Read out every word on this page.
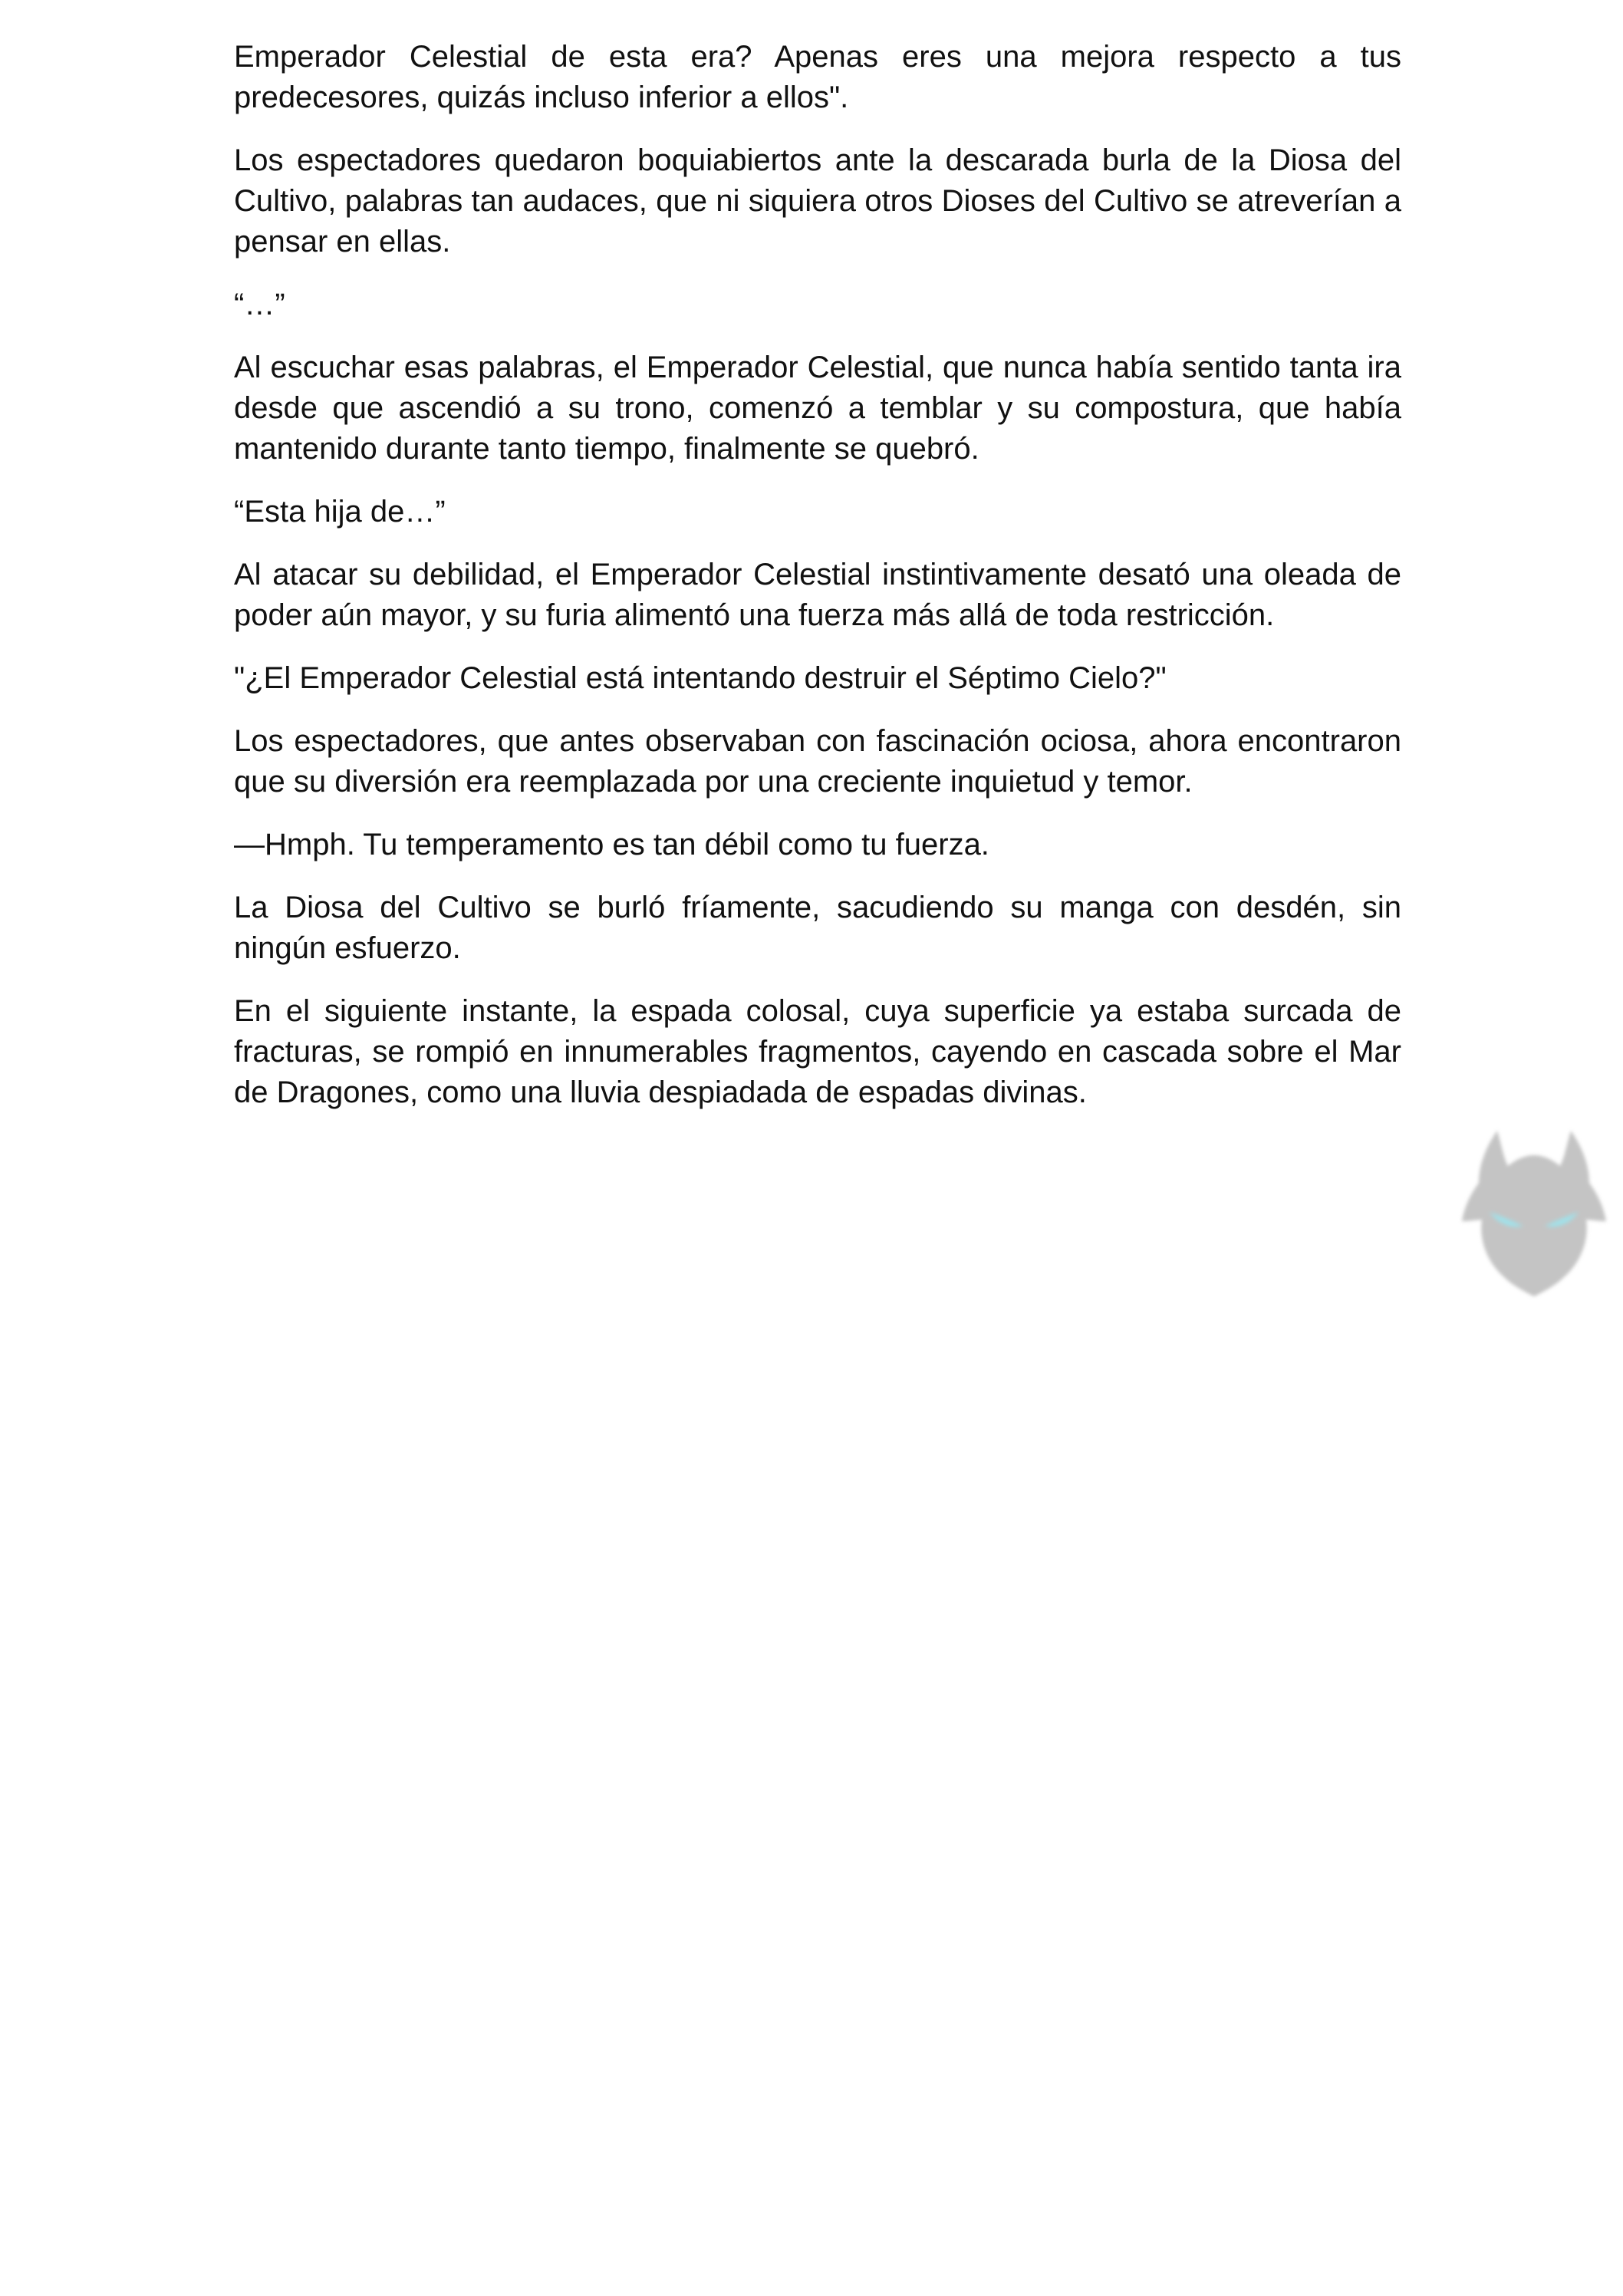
Emperador Celestial de esta era? Apenas eres una mejora respecto a tus predecesores, quizás incluso inferior a ellos".

Los espectadores quedaron boquiabiertos ante la descarada burla de la Diosa del Cultivo, palabras tan audaces, que ni siquiera otros Dioses del Cultivo se atreverían a pensar en ellas.

“…”

Al escuchar esas palabras, el Emperador Celestial, que nunca había sentido tanta ira desde que ascendió a su trono, comenzó a temblar y su compostura, que había mantenido durante tanto tiempo, finalmente se quebró.

“Esta hija de…”

Al atacar su debilidad, el Emperador Celestial instintivamente desató una oleada de poder aún mayor, y su furia alimentó una fuerza más allá de toda restricción.

"¿El Emperador Celestial está intentando destruir el Séptimo Cielo?"

Los espectadores, que antes observaban con fascinación ociosa, ahora encontraron que su diversión era reemplazada por una creciente inquietud y temor.

—Hmph. Tu temperamento es tan débil como tu fuerza.

La Diosa del Cultivo se burló fríamente, sacudiendo su manga con desdén, sin ningún esfuerzo.

En el siguiente instante, la espada colosal, cuya superficie ya estaba surcada de fracturas, se rompió en innumerables fragmentos, cayendo en cascada sobre el Mar de Dragones, como una lluvia despiadada de espadas divinas.
